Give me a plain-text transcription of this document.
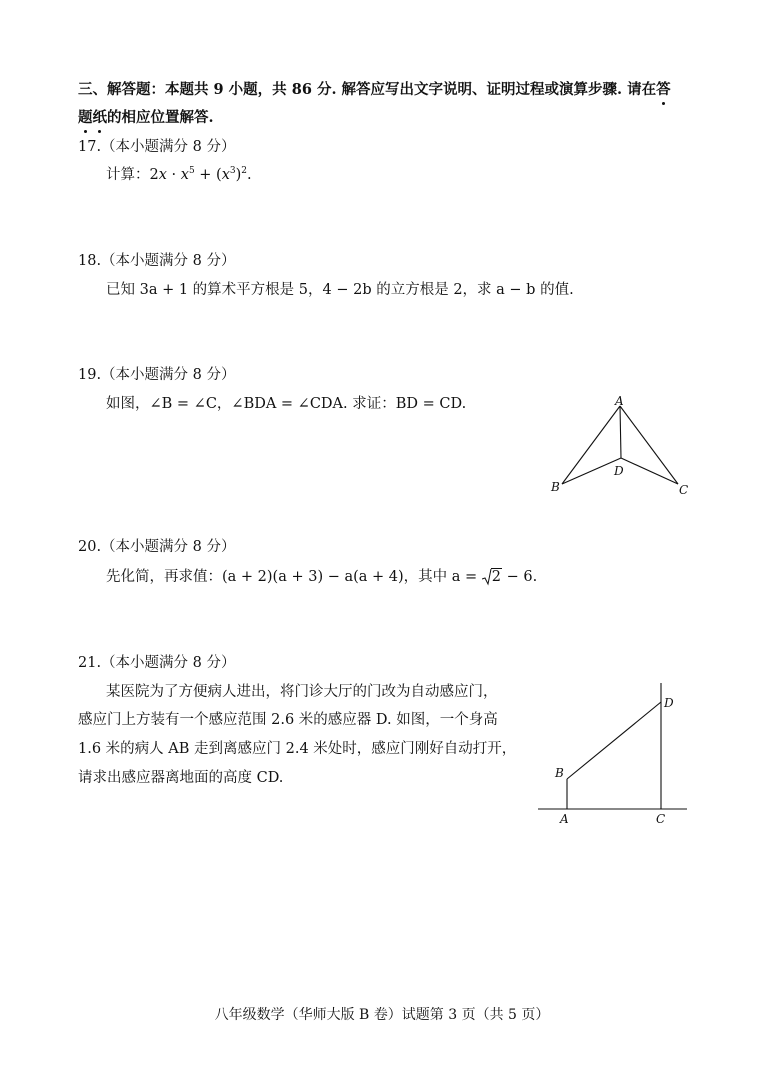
三、解答题：本题共 9 小题，共 86 分. 解答应写出文字说明、证明过程或演算步骤. 请在答
题纸的相应位置解答.
17.（本小题满分 8 分）
计算：$2x \cdot x^5 + (x^3)^2$.
18.（本小题满分 8 分）
已知 3a + 1 的算术平方根是 5，4 − 2b 的立方根是 2，求 a − b 的值.
19.（本小题满分 8 分）
如图，∠B = ∠C，∠BDA = ∠CDA. 求证：BD = CD.	A
B	C
D
20.（本小题满分 8 分）
先化简，再求值：(a + 2)(a + 3) − a(a + 4)，其中 a =
2 − 6.
21.（本小题满分 8 分）
某医院为了方便病人进出，将门诊大厅的门改为自动感应门，
感应门上方装有一个感应范围 2.6 米的感应器 D. 如图，一个身高
1.6 米的病人 AB 走到离感应门 2.4 米处时，感应门刚好自动打开，
请求出感应器离地面的高度 CD.
D
B
A	C
八年级数学（华师大版 B 卷）试题第 3 页（共 5 页）
